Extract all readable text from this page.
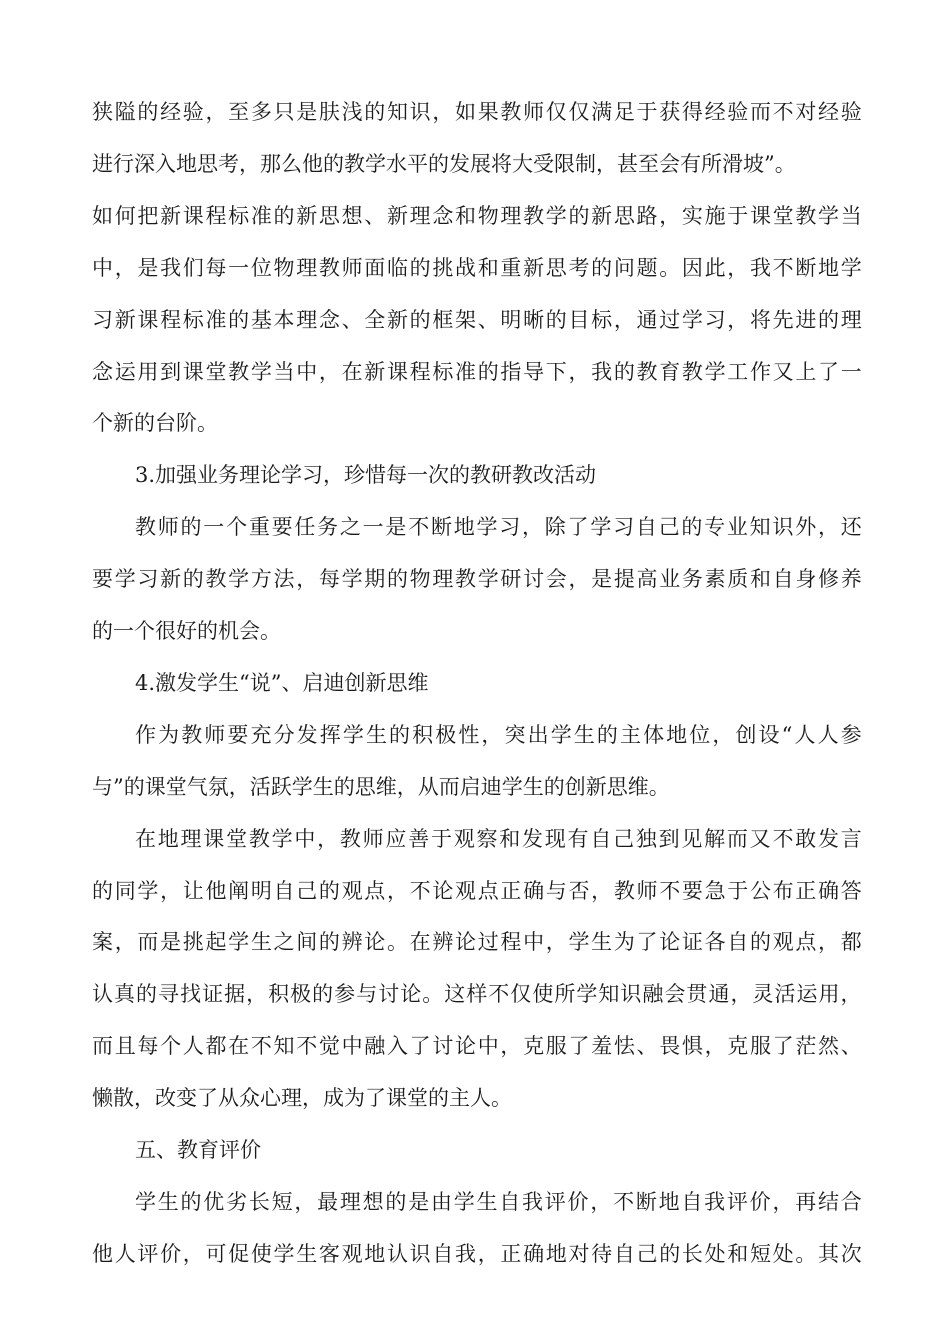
狭 隘 的 经 验 ， 至 多 只 是 肤 浅 的 知 识 ， 如 果 教 师 仅 仅 满 足 于 获 得 经 验 而 不 对 经 验
进行深入地思考，那么他的教学水平的发展将大受限制，甚至会有所滑坡”。
如 何 把 新 课 程 标 准 的 新 思 想 、 新 理 念 和 物 理 教 学 的 新 思 路 ， 实 施 于 课 堂 教 学 当
中 ， 是 我 们 每 一 位 物 理 教 师 面 临 的 挑 战 和 重 新 思 考 的 问 题 。 因 此 ， 我 不 断 地 学
习 新 课 程 标 准 的 基 本 理 念 、 全 新 的 框 架 、 明 晰 的 目 标 ， 通 过 学 习 ， 将 先 进 的 理
念 运 用 到 课 堂 教 学 当 中 ， 在 新 课 程 标 准 的 指 导 下 ， 我 的 教 育 教 学 工 作 又 上 了 一
个新的台阶。
3.加强业务理论学习，珍惜每一次的教研教改活动
教 师 的 一 个 重 要 任 务 之 一 是 不 断 地 学 习 ， 除 了 学 习 自 己 的 专 业 知 识 外 ， 还
要 学 习 新 的 教 学 方 法 ， 每 学 期 的 物 理 教 学 研 讨 会 ， 是 提 高 业 务 素 质 和 自 身 修 养
的一个很好的机会。
4.激发学生“说”、启迪创新思维
作 为 教 师 要 充 分 发 挥 学 生 的 积 极 性 ， 突 出 学 生 的 主 体 地 位 ， 创 设 “ 人 人 参
与”的课堂气氛，活跃学生的思维，从而启迪学生的创新思维。
在 地 理 课 堂 教 学 中 ， 教 师 应 善 于 观 察 和 发 现 有 自 己 独 到 见 解 而 又 不 敢 发 言
的 同 学 ， 让 他 阐 明 自 己 的 观 点 ， 不 论 观 点 正 确 与 否 ， 教 师 不 要 急 于 公 布 正 确 答
案 ， 而 是 挑 起 学 生 之 间 的 辨 论 。 在 辨 论 过 程 中 ， 学 生 为 了 论 证 各 自 的 观 点 ， 都
认 真 的 寻 找 证 据 ， 积 极 的 参 与 讨 论 。 这 样 不 仅 使 所 学 知 识 融 会 贯 通 ， 灵 活 运 用 ，
而 且 每 个 人 都 在 不 知 不 觉 中 融 入 了 讨 论 中 ， 克 服 了 羞 怯 、 畏 惧 ， 克 服 了 茫 然 、
懒散，改变了从众心理，成为了课堂的主人。
五、教育评价
学 生 的 优 劣 长 短 ， 最 理 想 的 是 由 学 生 自 我 评 价 ， 不 断 地 自 我 评 价 ， 再 结 合
他 人 评 价 ， 可 促 使 学 生 客 观 地 认 识 自 我 ， 正 确 地 对 待 自 己 的 长 处 和 短 处 。 其 次
